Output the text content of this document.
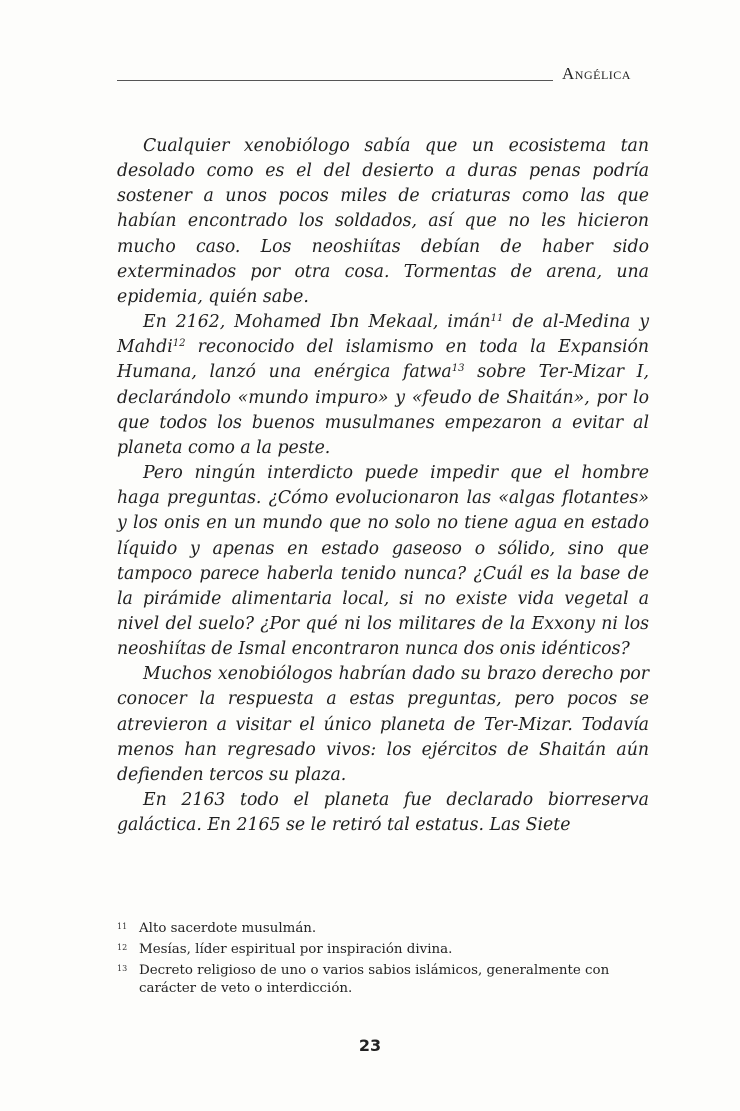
Angélica

Cualquier xenobiólogo sabía que un ecosistema tan desolado como es el del desierto a duras penas podría sostener a unos pocos miles de criaturas como las que habían encontrado los soldados, así que no les hicieron mucho caso. Los neoshiítas debían de haber sido exterminados por otra cosa. Tormentas de arena, una epidemia, quién sabe.

En 2162, Mohamed Ibn Mekaal, imán$^{11}$ de al-Medina y Mahdi$^{12}$ reconocido del islamismo en toda la Expansión Humana, lanzó una enérgica fatwa$^{13}$ sobre Ter-Mizar I, declarándolo «mundo impuro» y «feudo de Shaitán», por lo que todos los buenos musulmanes empezaron a evitar al planeta como a la peste.

Pero ningún interdicto puede impedir que el hombre haga preguntas. ¿Cómo evolucionaron las «algas flotantes» y los onis en un mundo que no solo no tiene agua en estado líquido y apenas en estado gaseoso o sólido, sino que tampoco parece haberla tenido nunca? ¿Cuál es la base de la pirámide alimentaria local, si no existe vida vegetal a nivel del suelo? ¿Por qué ni los militares de la Exxony ni los neoshiítas de Ismal encontraron nunca dos onis idénticos?

Muchos xenobiólogos habrían dado su brazo derecho por conocer la respuesta a estas preguntas, pero pocos se atrevieron a visitar el único planeta de Ter-Mizar. Todavía menos han regresado vivos: los ejércitos de Shaitán aún defienden tercos su plaza.

En 2163 todo el planeta fue declarado biorreserva galáctica. En 2165 se le retiró tal estatus. Las Siete

11 Alto sacerdote musulmán.
12 Mesías, líder espiritual por inspiración divina.
13 Decreto religioso de uno o varios sabios islámicos, generalmente con carácter de veto o interdicción.
23
